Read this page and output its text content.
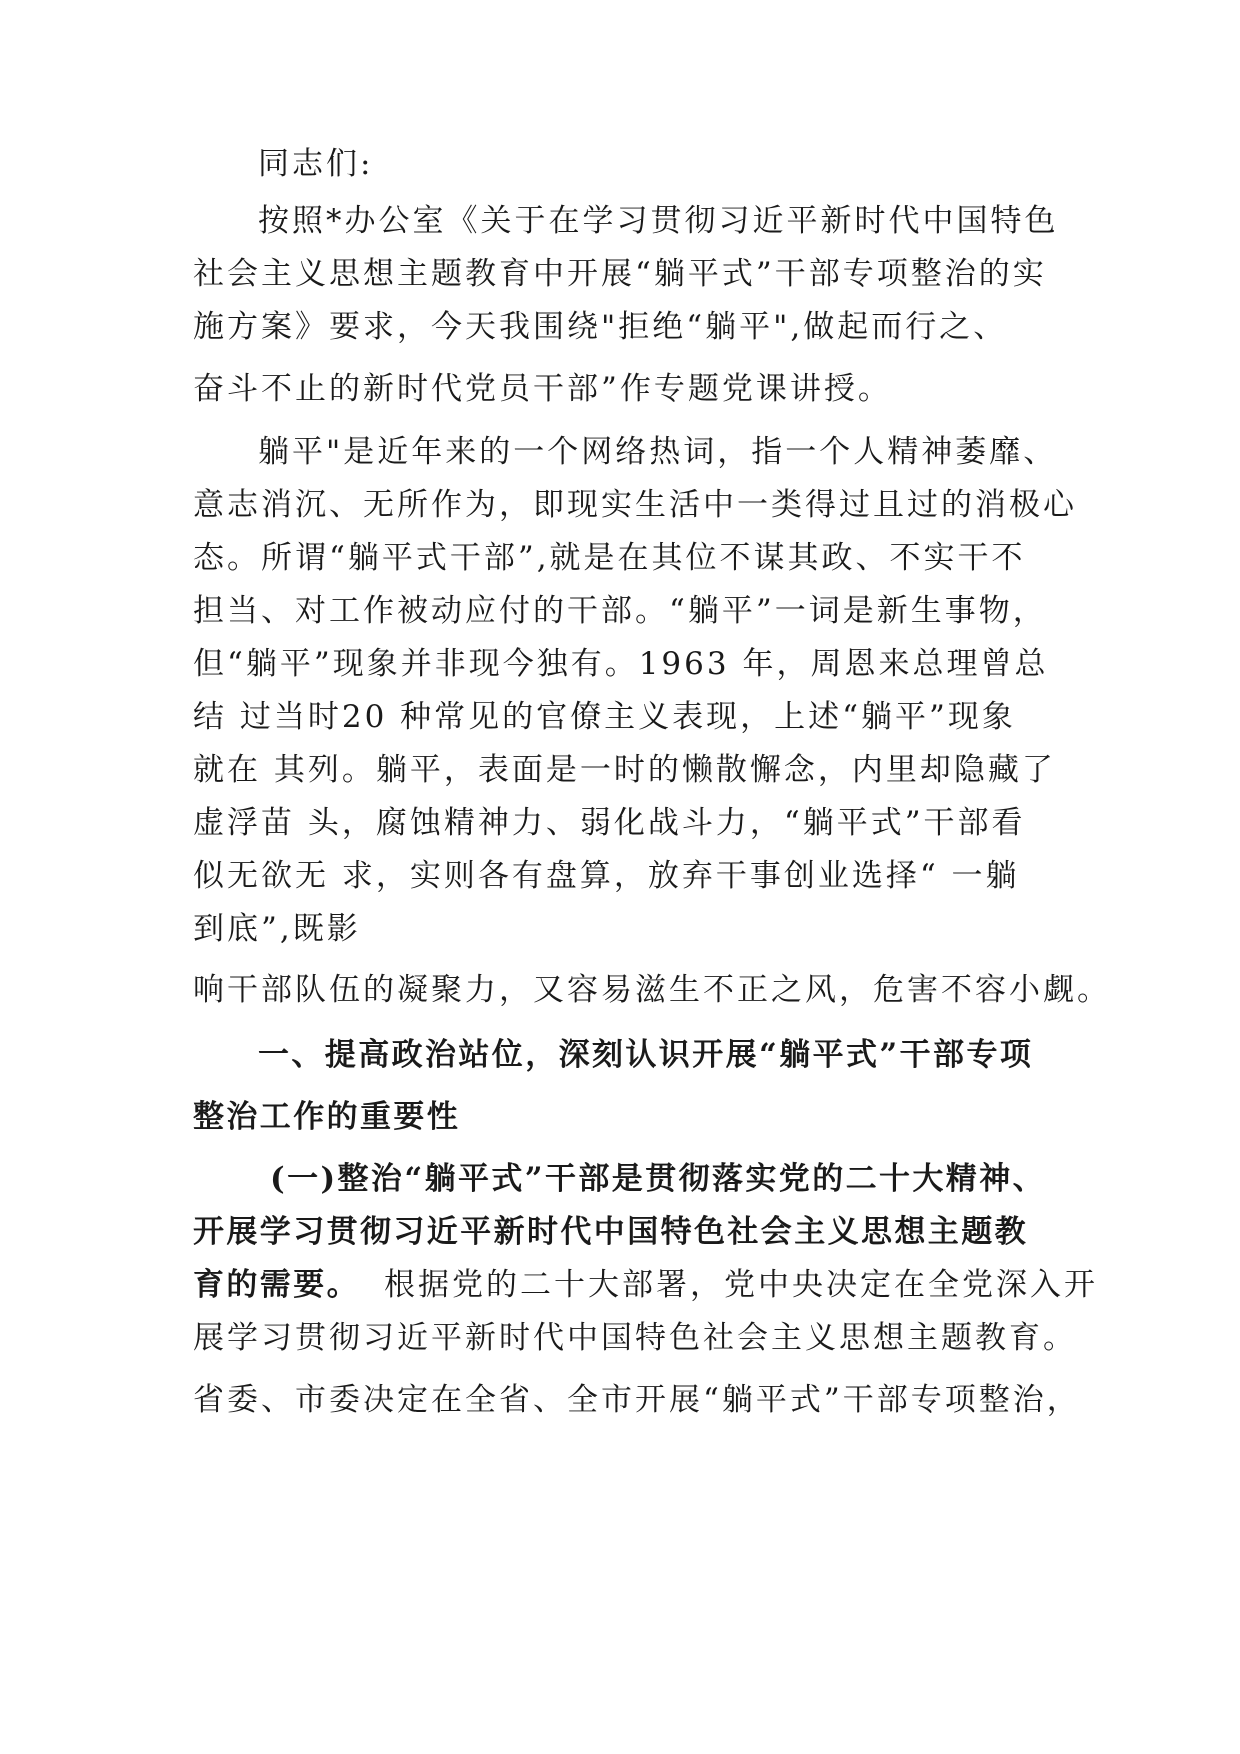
同志们:
按照*办公室《关于在学习贯彻习近平新时代中国特色
社会主义思想主题教育中开展“躺平式”干部专项整治的实
施方案》要求，今天我围绕"拒绝“躺平",做起而行之、
奋斗不止的新时代党员干部”作专题党课讲授。
躺平"是近年来的一个网络热词，指一个人精神萎靡、
意志消沉、无所作为，即现实生活中一类得过且过的消极心
态。所谓“躺平式干部”,就是在其位不谋其政、不实干不
担当、对工作被动应付的干部。“躺平”一词是新生事物，
但“躺平”现象并非现今独有。1963 年，周恩来总理曾总
结 过当时20 种常见的官僚主义表现，上述“躺平”现象
就在 其列。躺平，表面是一时的懒散懈念，内里却隐藏了
虚浮苗 头，腐蚀精神力、弱化战斗力，“躺平式”干部看
似无欲无 求，实则各有盘算，放弃干事创业选择“ 一躺
到底”,既影
响干部队伍的凝聚力，又容易滋生不正之风，危害不容小觑。
一、提高政治站位，深刻认识开展“躺平式”干部专项
整治工作的重要性
(一)整治“躺平式”干部是贯彻落实党的二十大精神、
开展学习贯彻习近平新时代中国特色社会主义思想主题教
育的需要。 根据党的二十大部署，党中央决定在全党深入开
展学习贯彻习近平新时代中国特色社会主义思想主题教育。
省委、市委决定在全省、全市开展“躺平式”干部专项整治，
